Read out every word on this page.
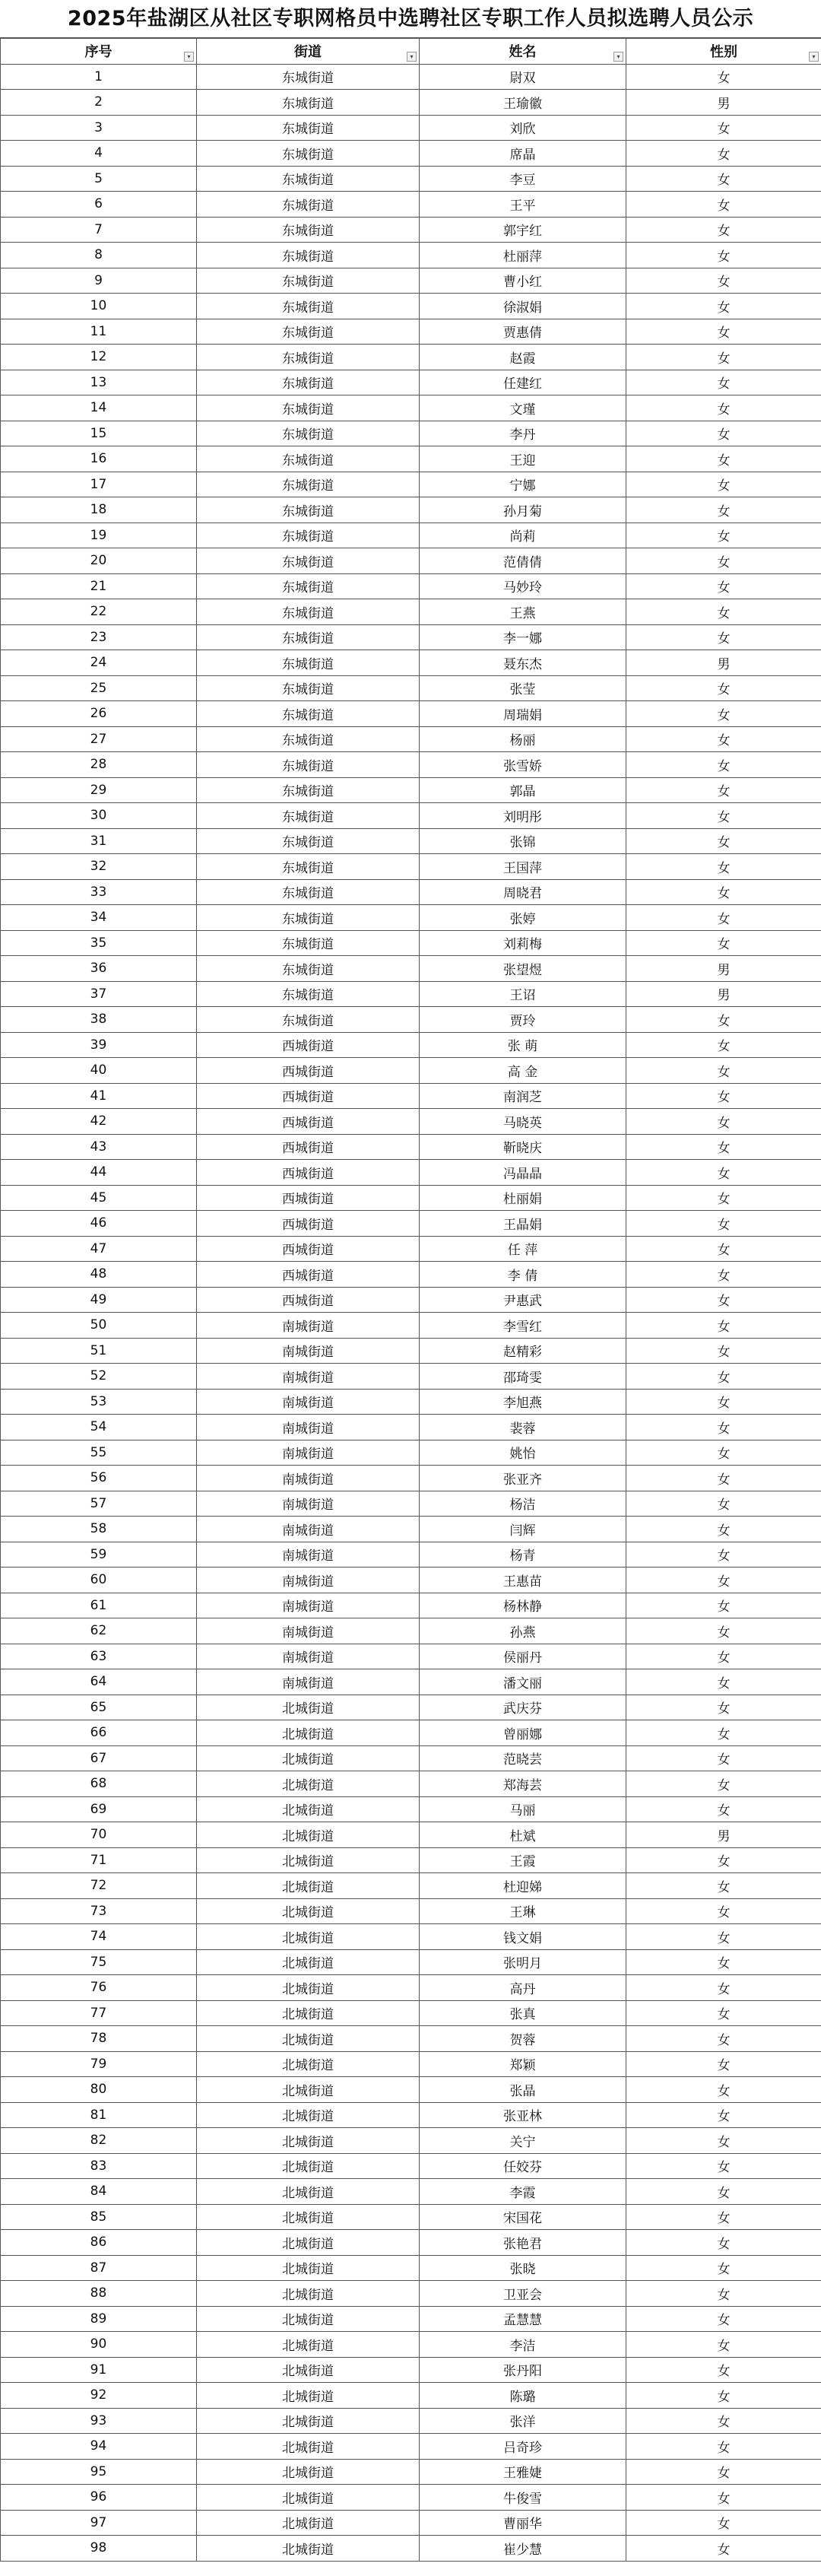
2025年盐湖区从社区专职网格员中选聘社区专职工作人员拟选聘人员公示
序号 ▾	街道 ▾	姓名 ▾	性别 ▾

1	东城街道	尉双	女
2	东城街道	王瑜徽	男
3	东城街道	刘欣	女
4	东城街道	席晶	女
5	东城街道	李豆	女
6	东城街道	王平	女
7	东城街道	郭宇红	女
8	东城街道	杜丽萍	女
9	东城街道	曹小红	女
10	东城街道	徐淑娟	女
11	东城街道	贾惠倩	女
12	东城街道	赵霞	女
13	东城街道	任建红	女
14	东城街道	文瑾	女
15	东城街道	李丹	女
16	东城街道	王迎	女
17	东城街道	宁娜	女
18	东城街道	孙月菊	女
19	东城街道	尚莉	女
20	东城街道	范倩倩	女
21	东城街道	马妙玲	女
22	东城街道	王燕	女
23	东城街道	李一娜	女
24	东城街道	聂东杰	男
25	东城街道	张莹	女
26	东城街道	周瑞娟	女
27	东城街道	杨丽	女
28	东城街道	张雪娇	女
29	东城街道	郭晶	女
30	东城街道	刘明彤	女
31	东城街道	张锦	女
32	东城街道	王国萍	女
33	东城街道	周晓君	女
34	东城街道	张婷	女
35	东城街道	刘莉梅	女
36	东城街道	张望煜	男
37	东城街道	王诏	男
38	东城街道	贾玲	女
39	西城街道	张 萌	女
40	西城街道	高 金	女
41	西城街道	南润芝	女
42	西城街道	马晓英	女
43	西城街道	靳晓庆	女
44	西城街道	冯晶晶	女
45	西城街道	杜丽娟	女
46	西城街道	王晶娟	女
47	西城街道	任 萍	女
48	西城街道	李 倩	女
49	西城街道	尹惠武	女
50	南城街道	李雪红	女
51	南城街道	赵精彩	女
52	南城街道	邵琦雯	女
53	南城街道	李旭燕	女
54	南城街道	裴蓉	女
55	南城街道	姚怡	女
56	南城街道	张亚齐	女
57	南城街道	杨洁	女
58	南城街道	闫辉	女
59	南城街道	杨青	女
60	南城街道	王惠苗	女
61	南城街道	杨林静	女
62	南城街道	孙燕	女
63	南城街道	侯丽丹	女
64	南城街道	潘文丽	女
65	北城街道	武庆芬	女
66	北城街道	曾丽娜	女
67	北城街道	范晓芸	女
68	北城街道	郑海芸	女
69	北城街道	马丽	女
70	北城街道	杜斌	男
71	北城街道	王霞	女
72	北城街道	杜迎娣	女
73	北城街道	王琳	女
74	北城街道	钱文娟	女
75	北城街道	张明月	女
76	北城街道	高丹	女
77	北城街道	张真	女
78	北城街道	贺蓉	女
79	北城街道	郑颖	女
80	北城街道	张晶	女
81	北城街道	张亚林	女
82	北城街道	关宁	女
83	北城街道	任姣芬	女
84	北城街道	李霞	女
85	北城街道	宋国花	女
86	北城街道	张艳君	女
87	北城街道	张晓	女
88	北城街道	卫亚会	女
89	北城街道	孟慧慧	女
90	北城街道	李洁	女
91	北城街道	张丹阳	女
92	北城街道	陈璐	女
93	北城街道	张洋	女
94	北城街道	吕奇珍	女
95	北城街道	王雅婕	女
96	北城街道	牛俊雪	女
97	北城街道	曹丽华	女
98	北城街道	崔少慧	女
